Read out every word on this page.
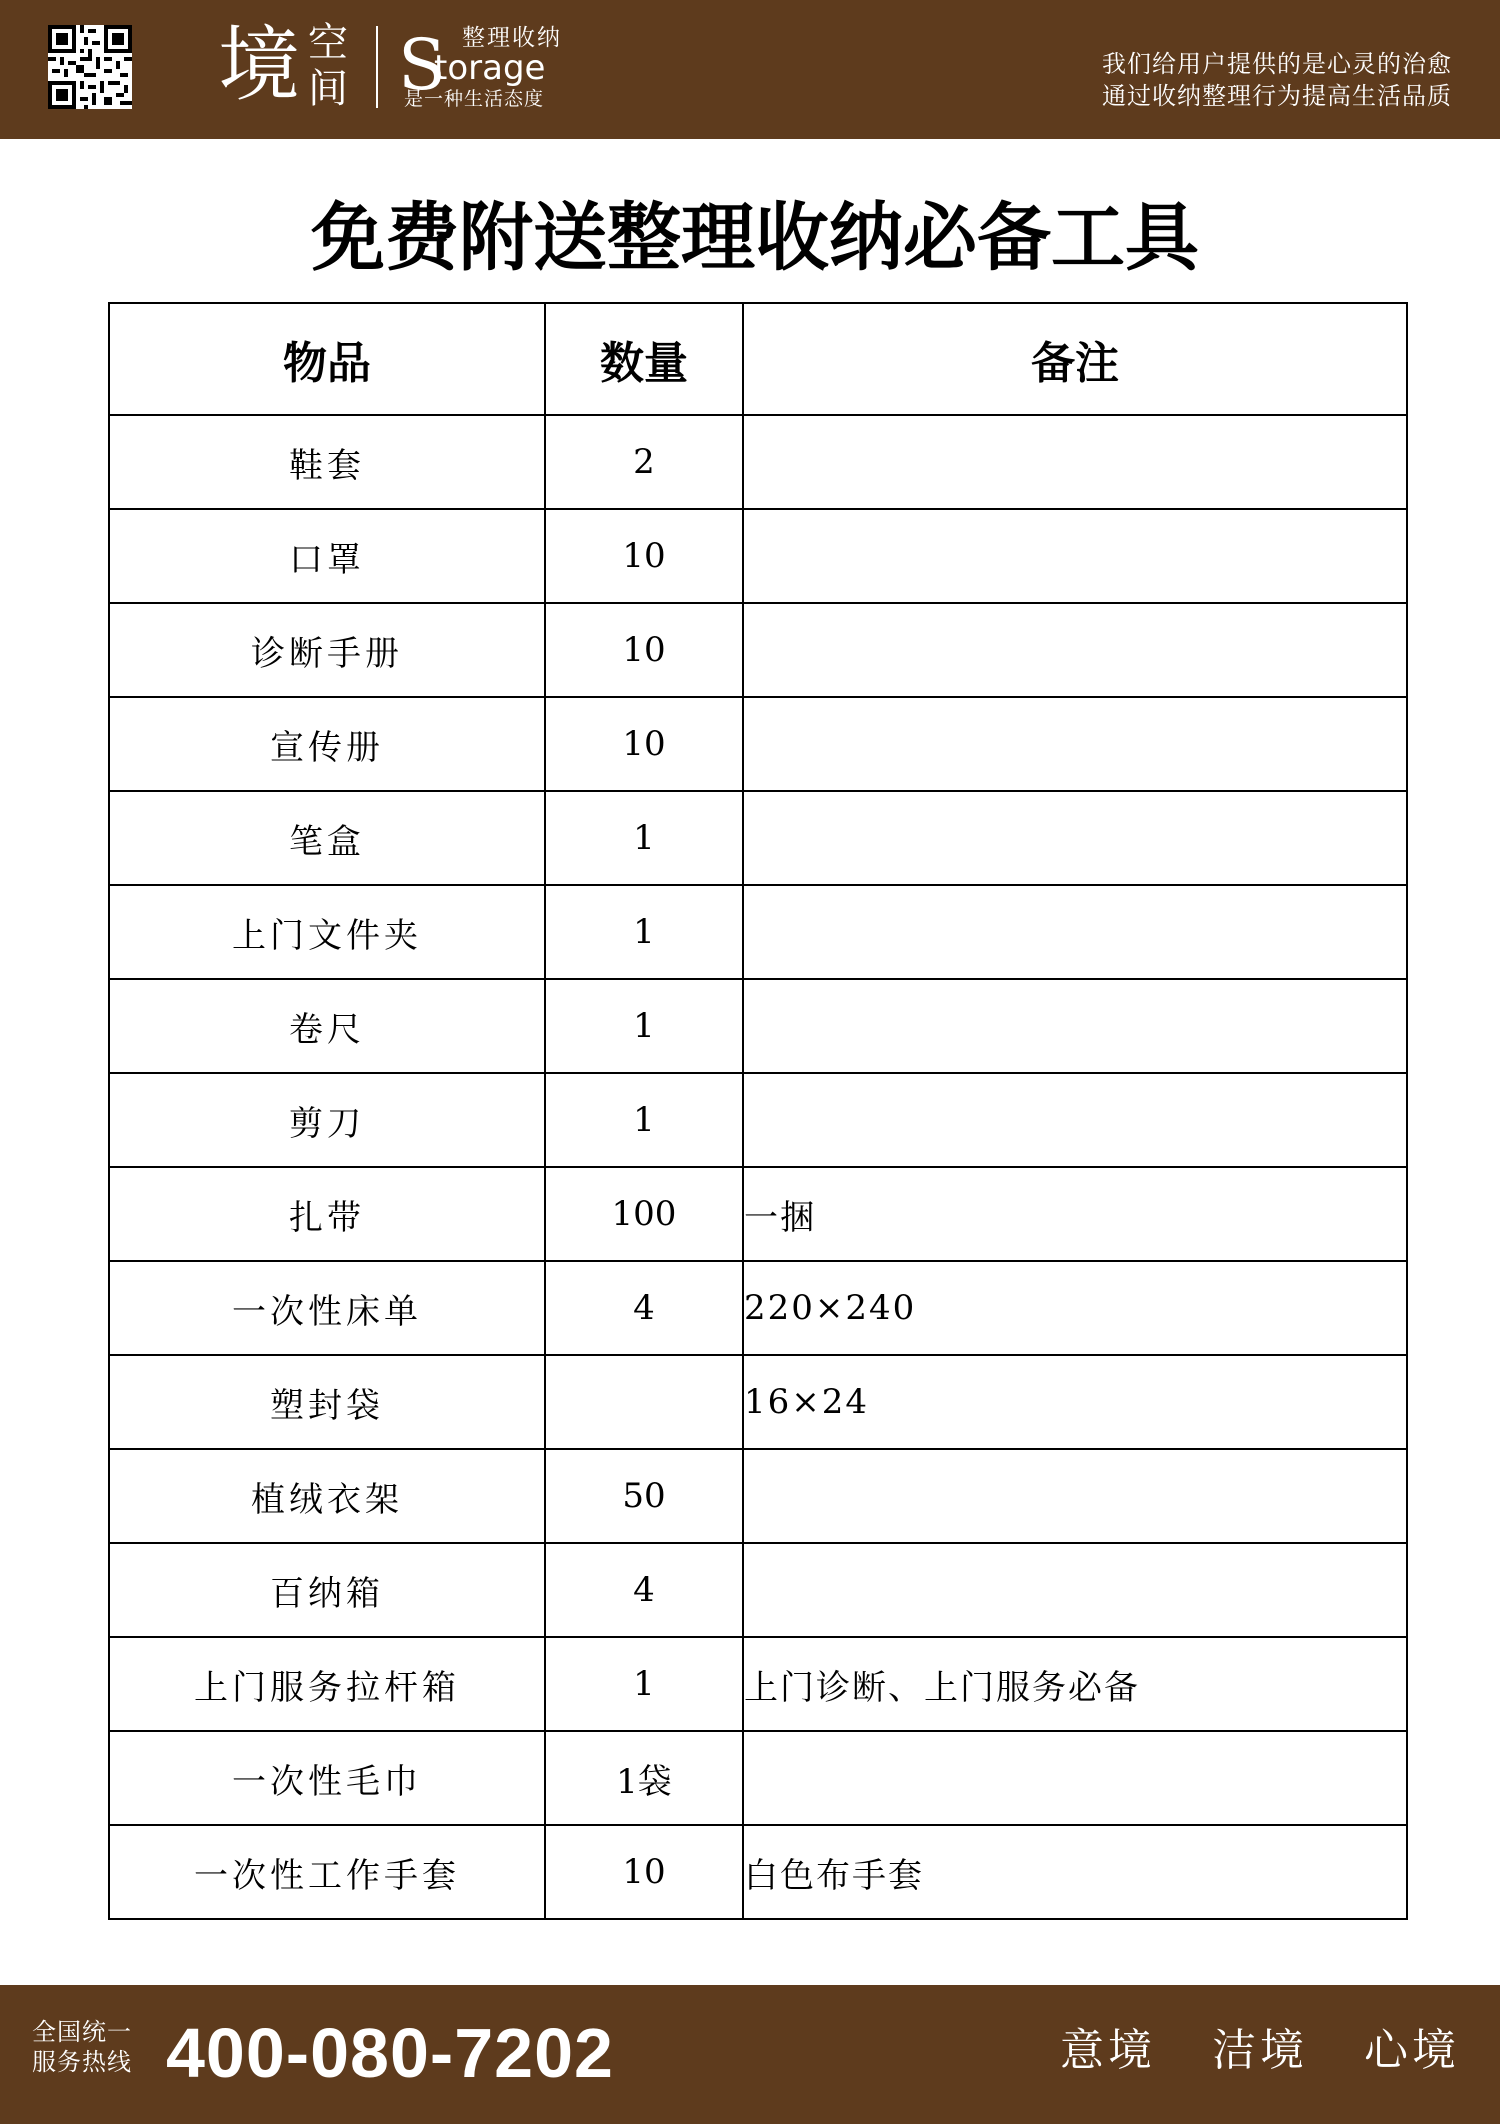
境 空间 S 整理收纳
torage
是一种生活态度
我们给用户提供的是心灵的治愈
通过收纳整理行为提高生活品质
免费附送整理收纳必备工具
物品	数量	备注
鞋套	2	
口罩	10	
诊断手册	10	
宣传册	10	
笔盒	1	
上门文件夹	1	
卷尺	1	
剪刀	1	
扎带	100	一捆
一次性床单	4	220×240
塑封袋		16×24
植绒衣架	50	
百纳箱	4	
上门服务拉杆箱	1	上门诊断、上门服务必备
一次性毛巾	1袋	
一次性工作手套	10	白色布手套
全国统一
服务热线 400-080-7202	意境 洁境 心境
